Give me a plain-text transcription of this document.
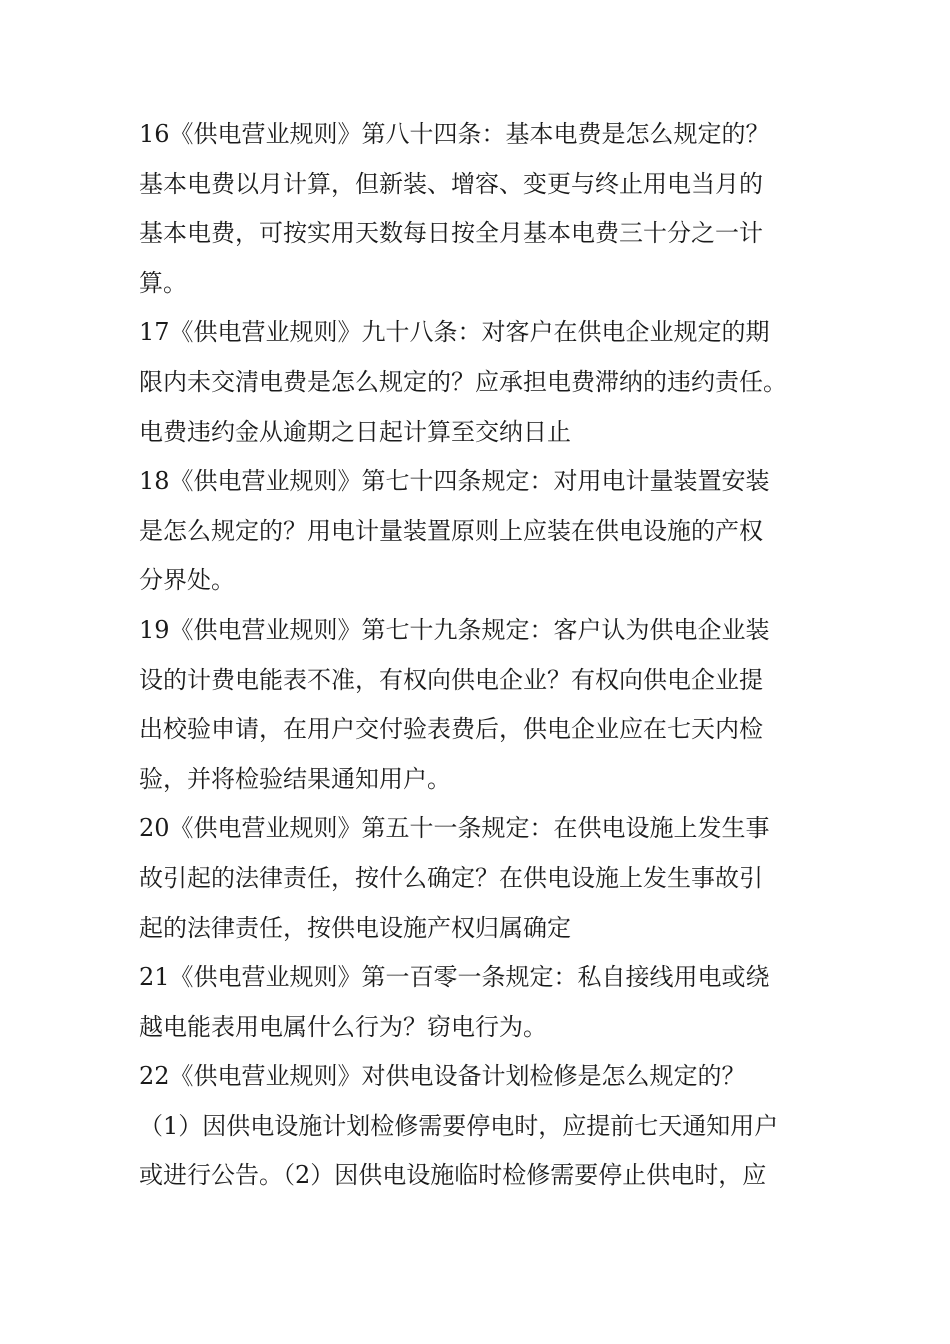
16《供电营业规则》第八十四条：基本电费是怎么规定的？
基本电费以月计算，但新装、增容、变更与终止用电当月的
基本电费，可按实用天数每日按全月基本电费三十分之一计
算。
17《供电营业规则》九十八条：对客户在供电企业规定的期
限内未交清电费是怎么规定的？应承担电费滞纳的违约责任。
电费违约金从逾期之日起计算至交纳日止
18《供电营业规则》第七十四条规定：对用电计量装置安装
是怎么规定的？用电计量装置原则上应装在供电设施的产权
分界处。
19《供电营业规则》第七十九条规定：客户认为供电企业装
设的计费电能表不准，有权向供电企业？有权向供电企业提
出校验申请，在用户交付验表费后，供电企业应在七天内检
验，并将检验结果通知用户。
20《供电营业规则》第五十一条规定：在供电设施上发生事
故引起的法律责任，按什么确定？在供电设施上发生事故引
起的法律责任，按供电设施产权归属确定
21《供电营业规则》第一百零一条规定：私自接线用电或绕
越电能表用电属什么行为？窃电行为。
22《供电营业规则》对供电设备计划检修是怎么规定的？
（1）因供电设施计划检修需要停电时，应提前七天通知用户
或进行公告。（2）因供电设施临时检修需要停止供电时，应
